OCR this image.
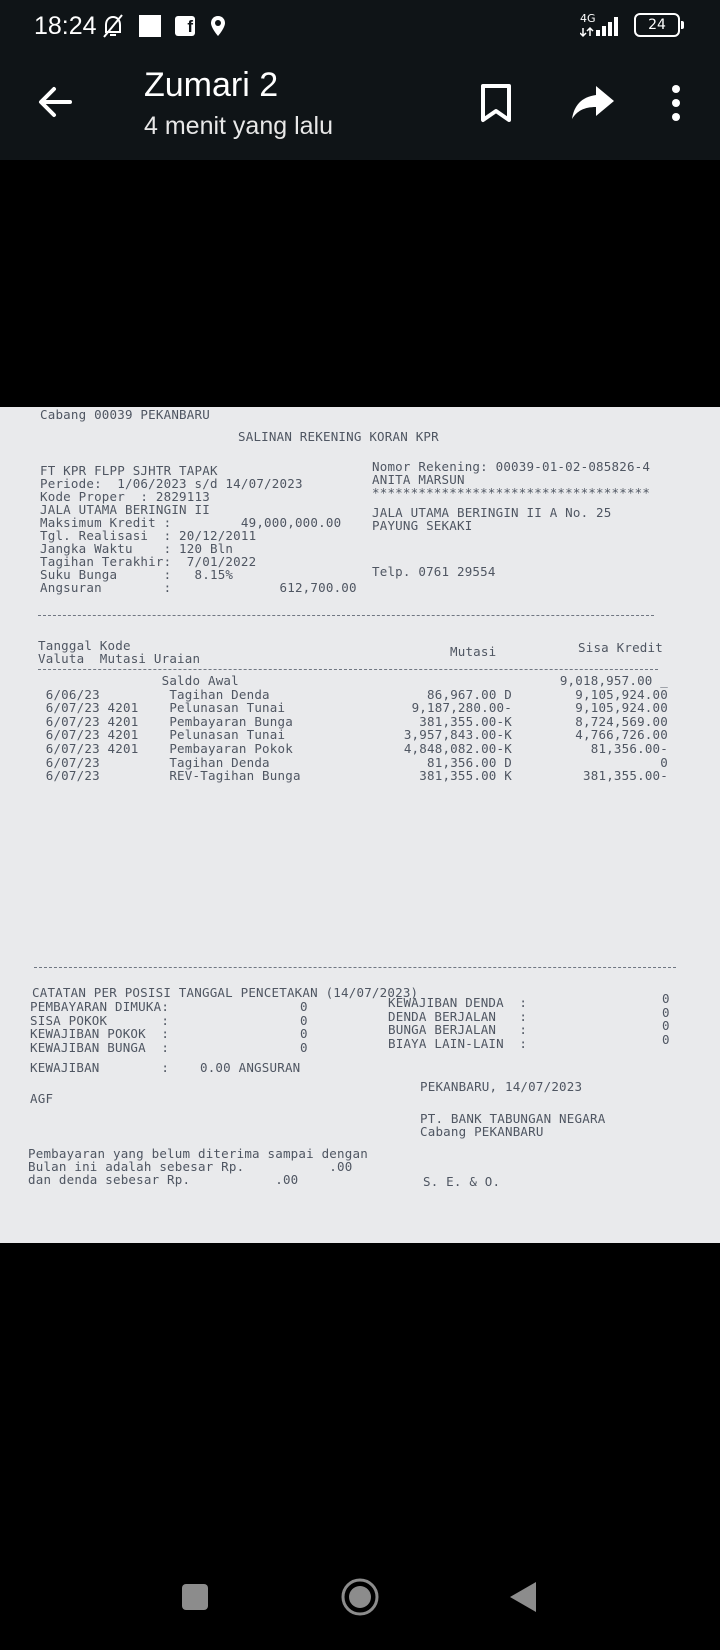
18:24	f	4G	24
Zumari 2
4 menit yang lalu
Cabang 00039 PEKANBARU
SALINAN REKENING KORAN KPR
FT KPR FLPP SJHTR TAPAK
Periode:  1/06/2023 s/d 14/07/2023
Kode Proper  : 2829113
JALA UTAMA BERINGIN II
Maksimum Kredit :         49,000,000.00
Tgl. Realisasi  : 20/12/2011
Jangka Waktu    : 120 Bln
Tagihan Terakhir:  7/01/2022
Suku Bunga      :   8.15%
Angsuran        :              612,700.00
Nomor Rekening: 00039-01-02-085826-4
ANITA MARSUN
************************************
JALA UTAMA BERINGIN II A No. 25
PAYUNG SEKAKI
Telp. 0761 29554
Tanggal Kode
Valuta  Mutasi Uraian	Mutasi	Sisa Kredit
Saldo Awal	9,018,957.00 _
6/06/23         Tagihan Denda	86,967.00 D	9,105,924.00
6/07/23 4201    Pelunasan Tunai	9,187,280.00-	9,105,924.00
6/07/23 4201    Pembayaran Bunga	381,355.00-K	8,724,569.00
6/07/23 4201    Pelunasan Tunai	3,957,843.00-K	4,766,726.00
6/07/23 4201    Pembayaran Pokok	4,848,082.00-K	81,356.00-
6/07/23         Tagihan Denda	81,356.00 D	0
6/07/23         REV-Tagihan Bunga	381,355.00 K	381,355.00-
CATATAN PER POSISI TANGGAL PENCETAKAN (14/07/2023)
PEMBAYARAN DIMUKA:	0
SISA POKOK       :	0
KEWAJIBAN POKOK  :	0
KEWAJIBAN BUNGA  :	0
KEWAJIBAN DENDA  :	0
DENDA BERJALAN   :	0
BUNGA BERJALAN   :	0
BIAYA LAIN-LAIN  :	0
KEWAJIBAN        :    0.00 ANGSURAN
AGF
PEKANBARU, 14/07/2023
PT. BANK TABUNGAN NEGARA
Cabang PEKANBARU
Pembayaran yang belum diterima sampai dengan
Bulan ini adalah sebesar Rp.           .00
dan denda sebesar Rp.           .00	S. E. & O.
